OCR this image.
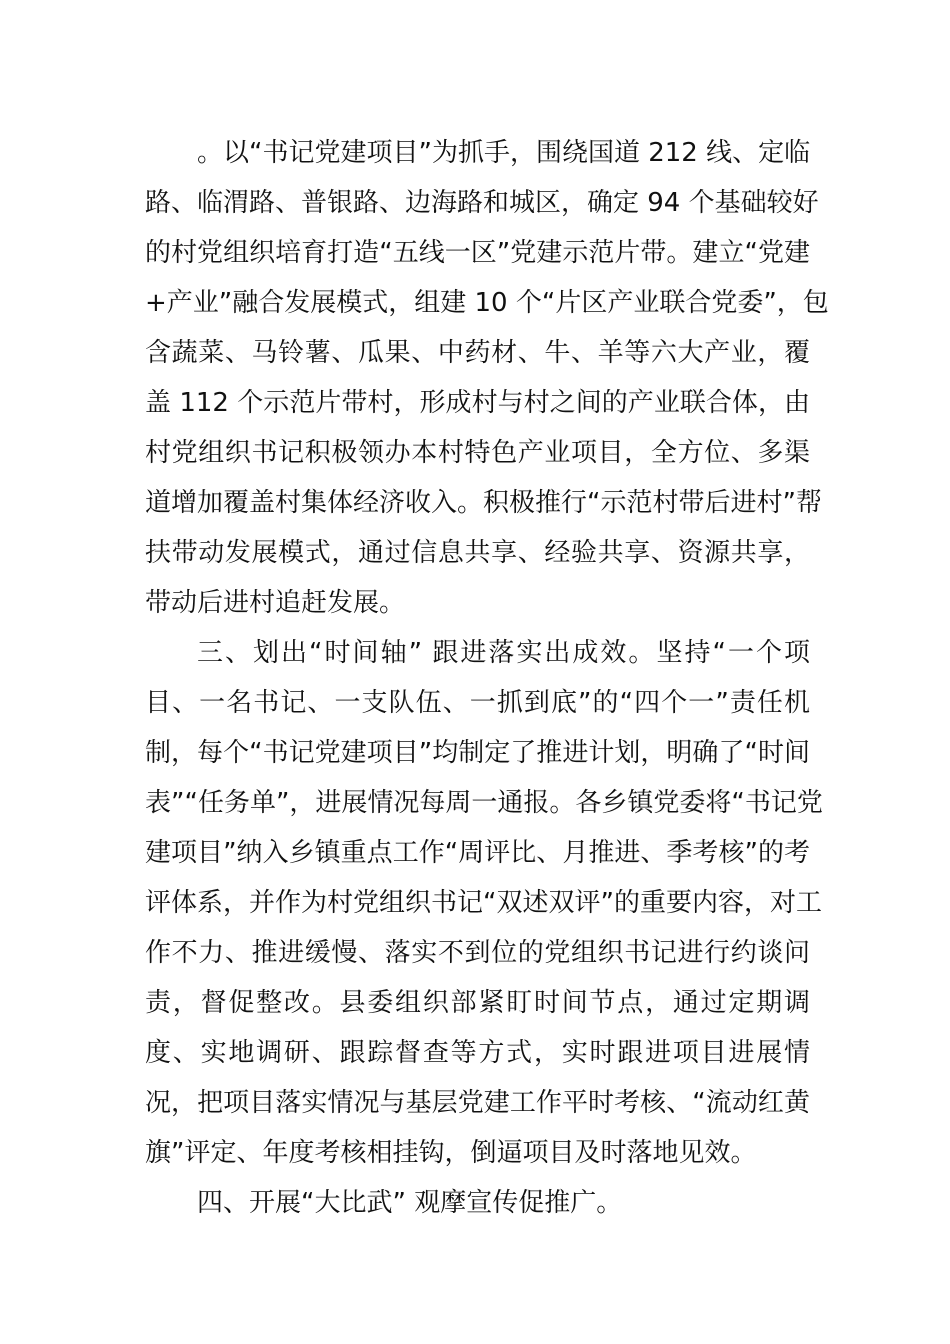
。以“书记党建项目”为抓手，围绕国道 212 线、定临
路、临渭路、普银路、边海路和城区，确定 94 个基础较好
的村党组织培育打造“五线一区”党建示范片带。建立“党建
+产业”融合发展模式，组建 10 个“片区产业联合党委”，包
含蔬菜、马铃薯、瓜果、中药材、牛、羊等六大产业，覆
盖 112 个示范片带村，形成村与村之间的产业联合体，由
村党组织书记积极领办本村特色产业项目，全方位、多渠
道增加覆盖村集体经济收入。积极推行“示范村带后进村”帮
扶带动发展模式，通过信息共享、经验共享、资源共享，
带动后进村追赶发展。
三、划出“时间轴” 跟进落实出成效。坚持“一个项
目、一名书记、一支队伍、一抓到底”的“四个一”责任机
制，每个“书记党建项目”均制定了推进计划，明确了“时间
表”“任务单”，进展情况每周一通报。各乡镇党委将“书记党
建项目”纳入乡镇重点工作“周评比、月推进、季考核”的考
评体系，并作为村党组织书记“双述双评”的重要内容，对工
作不力、推进缓慢、落实不到位的党组织书记进行约谈问
责，督促整改。县委组织部紧盯时间节点，通过定期调
度、实地调研、跟踪督查等方式，实时跟进项目进展情
况，把项目落实情况与基层党建工作平时考核、“流动红黄
旗”评定、年度考核相挂钩，倒逼项目及时落地见效。
四、开展“大比武” 观摩宣传促推广。
